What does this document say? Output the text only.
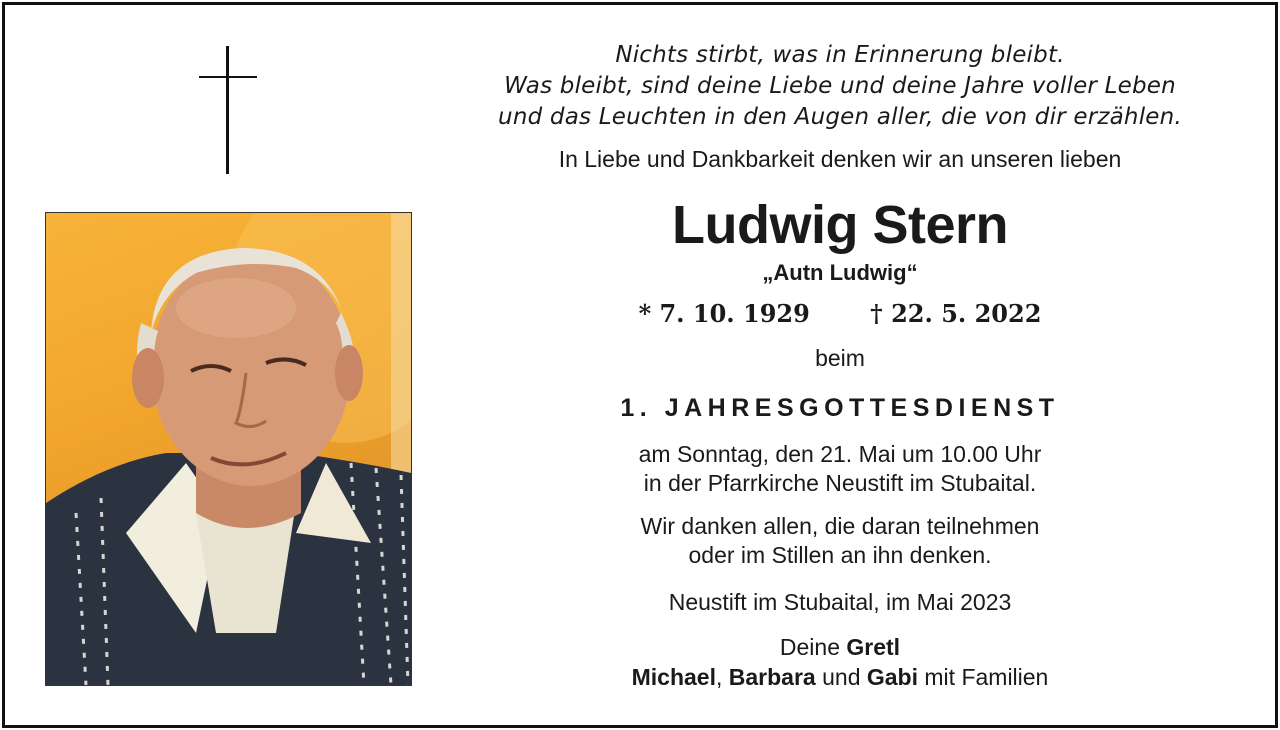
Nichts stirbt, was in Erinnerung bleibt.
Was bleibt, sind deine Liebe und deine Jahre voller Leben
und das Leuchten in den Augen aller, die von dir erzählen.
In Liebe und Dankbarkeit denken wir an unseren lieben
Ludwig Stern
„Autn Ludwig“
* 7. 10. 1929	† 22. 5. 2022
beim
1. JAHRESGOTTESDIENST
am Sonntag, den 21. Mai um 10.00 Uhr
in der Pfarrkirche Neustift im Stubaital.
Wir danken allen, die daran teilnehmen
oder im Stillen an ihn denken.
Neustift im Stubaital, im Mai 2023
Deine Gretl
Michael, Barbara und Gabi mit Familien
